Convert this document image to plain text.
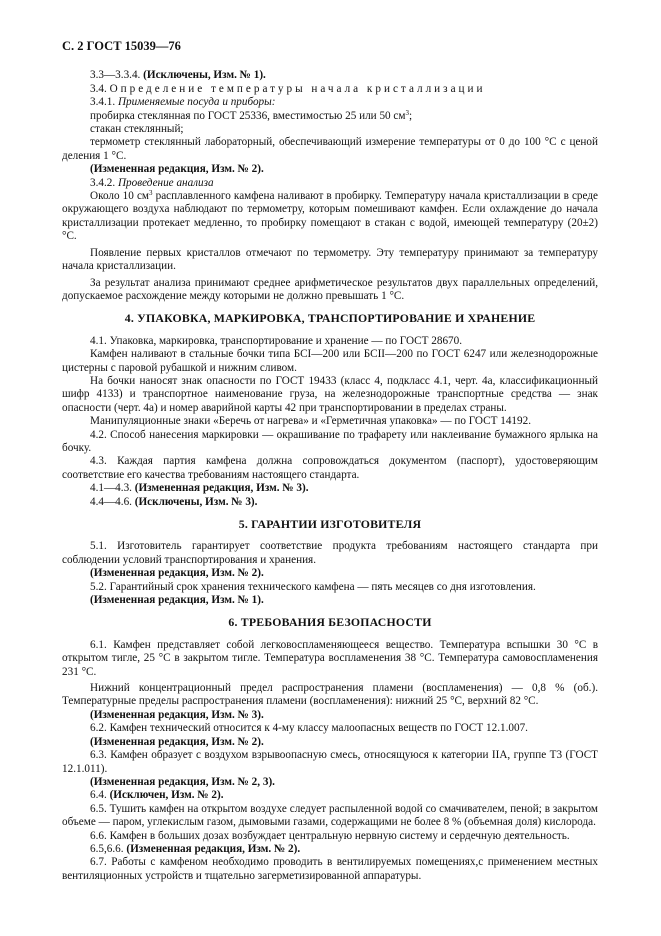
С. 2 ГОСТ 15039—76

3.3—3.3.4. (Исключены, Изм. № 1).

3.4. Определение температуры начала кристаллизации

3.4.1. Применяемые посуда и приборы:

пробирка стеклянная по ГОСТ 25336, вместимостью 25 или 50 $см^3$;

стакан стеклянный;

термометр стеклянный лабораторный, обеспечивающий измерение температуры от 0 до 100 °С с ценой деления 1 °С.

(Измененная редакция, Изм. № 2).

3.4.2. Проведение анализа

Около 10 $см^3$ расплавленного камфена наливают в пробирку. Температуру начала кристаллизации в среде окружающего воздуха наблюдают по термометру, которым помешивают камфен. Если охлаждение до начала кристаллизации протекает медленно, то пробирку помещают в стакан с водой, имеющей температуру (20±2) °С.

Появление первых кристаллов отмечают по термометру. Эту температуру принимают за температуру начала кристаллизации.

За результат анализа принимают среднее арифметическое результатов двух параллельных определений, допускаемое расхождение между которыми не должно превышать 1 °С.

4. УПАКОВКА, МАРКИРОВКА, ТРАНСПОРТИРОВАНИЕ И ХРАНЕНИЕ

4.1. Упаковка, маркировка, транспортирование и хранение — по ГОСТ 28670.

Камфен наливают в стальные бочки типа БСI—200 или БСII—200 по ГОСТ 6247 или железнодорожные цистерны с паровой рубашкой и нижним сливом.

На бочки наносят знак опасности по ГОСТ 19433 (класс 4, подкласс 4.1, черт. 4а, классификационный шифр 4133) и транспортное наименование груза, на железнодорожные транспортные средства — знак опасности (черт. 4а) и номер аварийной карты 42 при транспортировании в пределах страны.

Манипуляционные знаки «Беречь от нагрева» и «Герметичная упаковка» — по ГОСТ 14192.

4.2. Способ нанесения маркировки — окрашивание по трафарету или наклеивание бумажного ярлыка на бочку.

4.3. Каждая партия камфена должна сопровождаться документом (паспорт), удостоверяющим соответствие его качества требованиям настоящего стандарта.

4.1—4.3. (Измененная редакция, Изм. № 3).

4.4—4.6. (Исключены, Изм. № 3).

5. ГАРАНТИИ ИЗГОТОВИТЕЛЯ

5.1. Изготовитель гарантирует соответствие продукта требованиям настоящего стандарта при соблюдении условий транспортирования и хранения.

(Измененная редакция, Изм. № 2).

5.2. Гарантийный срок хранения технического камфена — пять месяцев со дня изготовления.

(Измененная редакция, Изм. № 1).

6. ТРЕБОВАНИЯ БЕЗОПАСНОСТИ

6.1. Камфен представляет собой легковоспламеняющееся вещество. Температура вспышки 30 °С в открытом тигле, 25 °С в закрытом тигле. Температура воспламенения 38 °С. Температура самовоспламенения 231 °С.

Нижний концентрационный предел распространения пламени (воспламенения) — 0,8 % (об.). Температурные пределы распространения пламени (воспламенения): нижний 25 °С, верхний 82 °С.

(Измененная редакция, Изм. № 3).

6.2. Камфен технический относится к 4-му классу малоопасных веществ по ГОСТ 12.1.007.

(Измененная редакция, Изм. № 2).

6.3. Камфен образует с воздухом взрывоопасную смесь, относящуюся к категории IIA, группе Т3 (ГОСТ 12.1.011).

(Измененная редакция, Изм. № 2, 3).

6.4. (Исключен, Изм. № 2).

6.5. Тушить камфен на открытом воздухе следует распыленной водой со смачивателем, пеной; в закрытом объеме — паром, углекислым газом, дымовыми газами, содержащими не более 8 % (объемная доля) кислорода.

6.6. Камфен в больших дозах возбуждает центральную нервную систему и сердечную деятельность.

6.5,6.6. (Измененная редакция, Изм. № 2).

6.7. Работы с камфеном необходимо проводить в вентилируемых помещениях,с применением местных вентиляционных устройств и тщательно загерметизированной аппаратуры.
